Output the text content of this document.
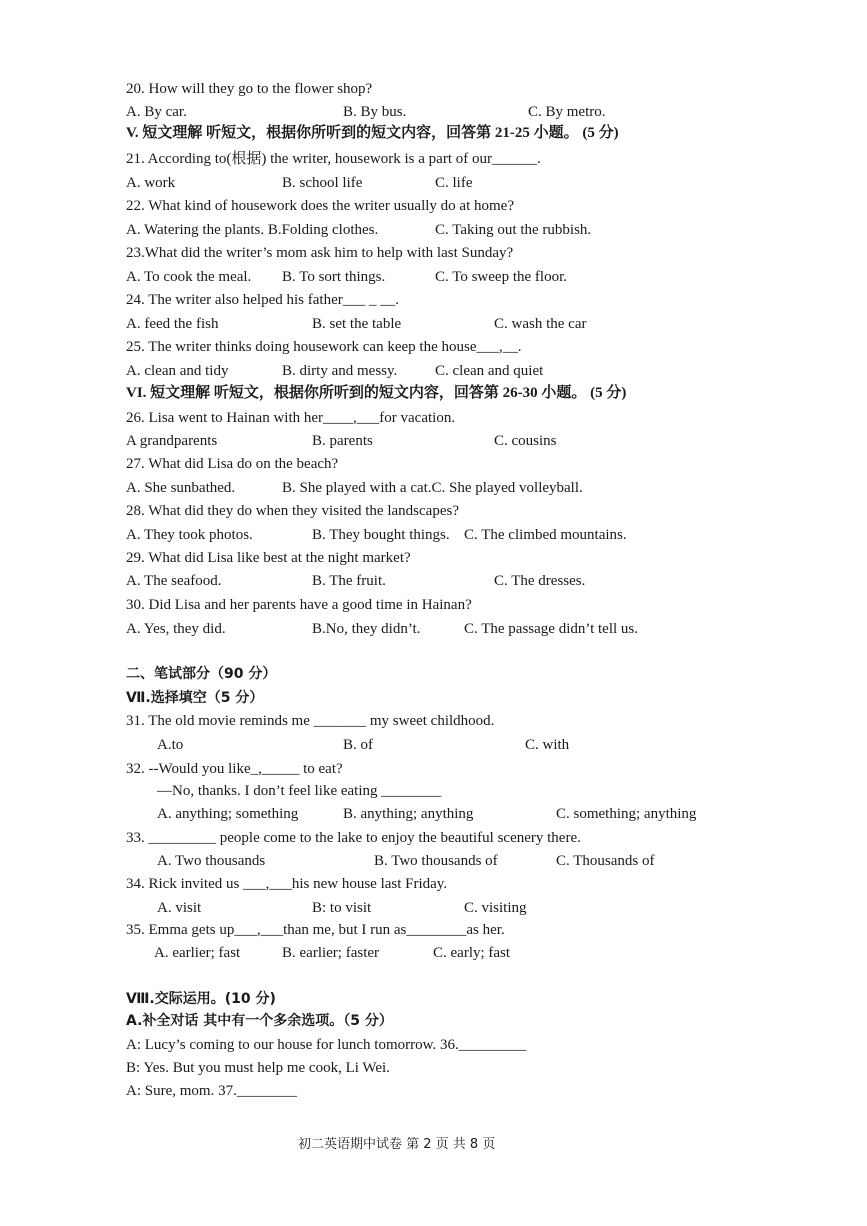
20. How will they go to the flower shop?
A. By car.	B. By bus.	C. By metro.
V. 短文理解 听短文，根据你所听到的短文内容，回答第 21-25 小题。 (5 分)
21. According to(根据) the writer, housework is a part of our______.
A. work	B. school life	C. life
22. What kind of housework does the writer usually do at home?
A. Watering the plants. B.Folding clothes.	C. Taking out the rubbish.
23.What did the writer’s mom ask him to help with last Sunday?
A. To cook the meal. B. To sort things.	C. To sweep the floor.
24. The writer also helped his father___ _ __.
A. feed the fish	B. set the table	C. wash the car
25. The writer thinks doing housework can keep the house___,__.
A. clean and tidy	B. dirty and messy.	C. clean and quiet
VI. 短文理解 听短文，根据你所听到的短文内容，回答第 26-30 小题。 (5 分)
26. Lisa went to Hainan with her____,___for vacation.
A grandparents	B. parents	C. cousins
27. What did Lisa do on the beach?
A. She sunbathed.	B. She played with a cat.C. She played volleyball.
28. What did they do when they visited the landscapes?
A. They took photos.	B. They bought things. C. The climbed mountains.
29. What did Lisa like best at the night market?
A. The seafood.	B. The fruit.	C. The dresses.
30. Did Lisa and her parents have a good time in Hainan?
A. Yes, they did.	B.No, they didn’t.	C. The passage didn’t tell us.
二、笔试部分（90 分）
Ⅶ.选择填空（5 分）
31. The old movie reminds me _______ my sweet childhood.
A.to	B. of	C. with
32. --Would you like_,_____ to eat?
—No, thanks. I don’t feel like eating ________
A. anything; something	B. anything; anything	C. something; anything
33. _________ people come to the lake to enjoy the beautiful scenery there.
A. Two thousands	B. Two thousands of	C. Thousands of
34. Rick invited us ___,___his new house last Friday.
A. visit	B: to visit	C. visiting
35. Emma gets up___,___than me, but I run as________as her.
A. earlier; fast	B. earlier; faster	C. early; fast
Ⅷ.交际运用。(10 分)
A.补全对话 其中有一个多余选项。（5 分）
A: Lucy’s coming to our house for lunch tomorrow. 36._________
B: Yes. But you must help me cook, Li Wei.
A: Sure, mom. 37.________
初二英语期中试卷 第 2 页 共 8 页
